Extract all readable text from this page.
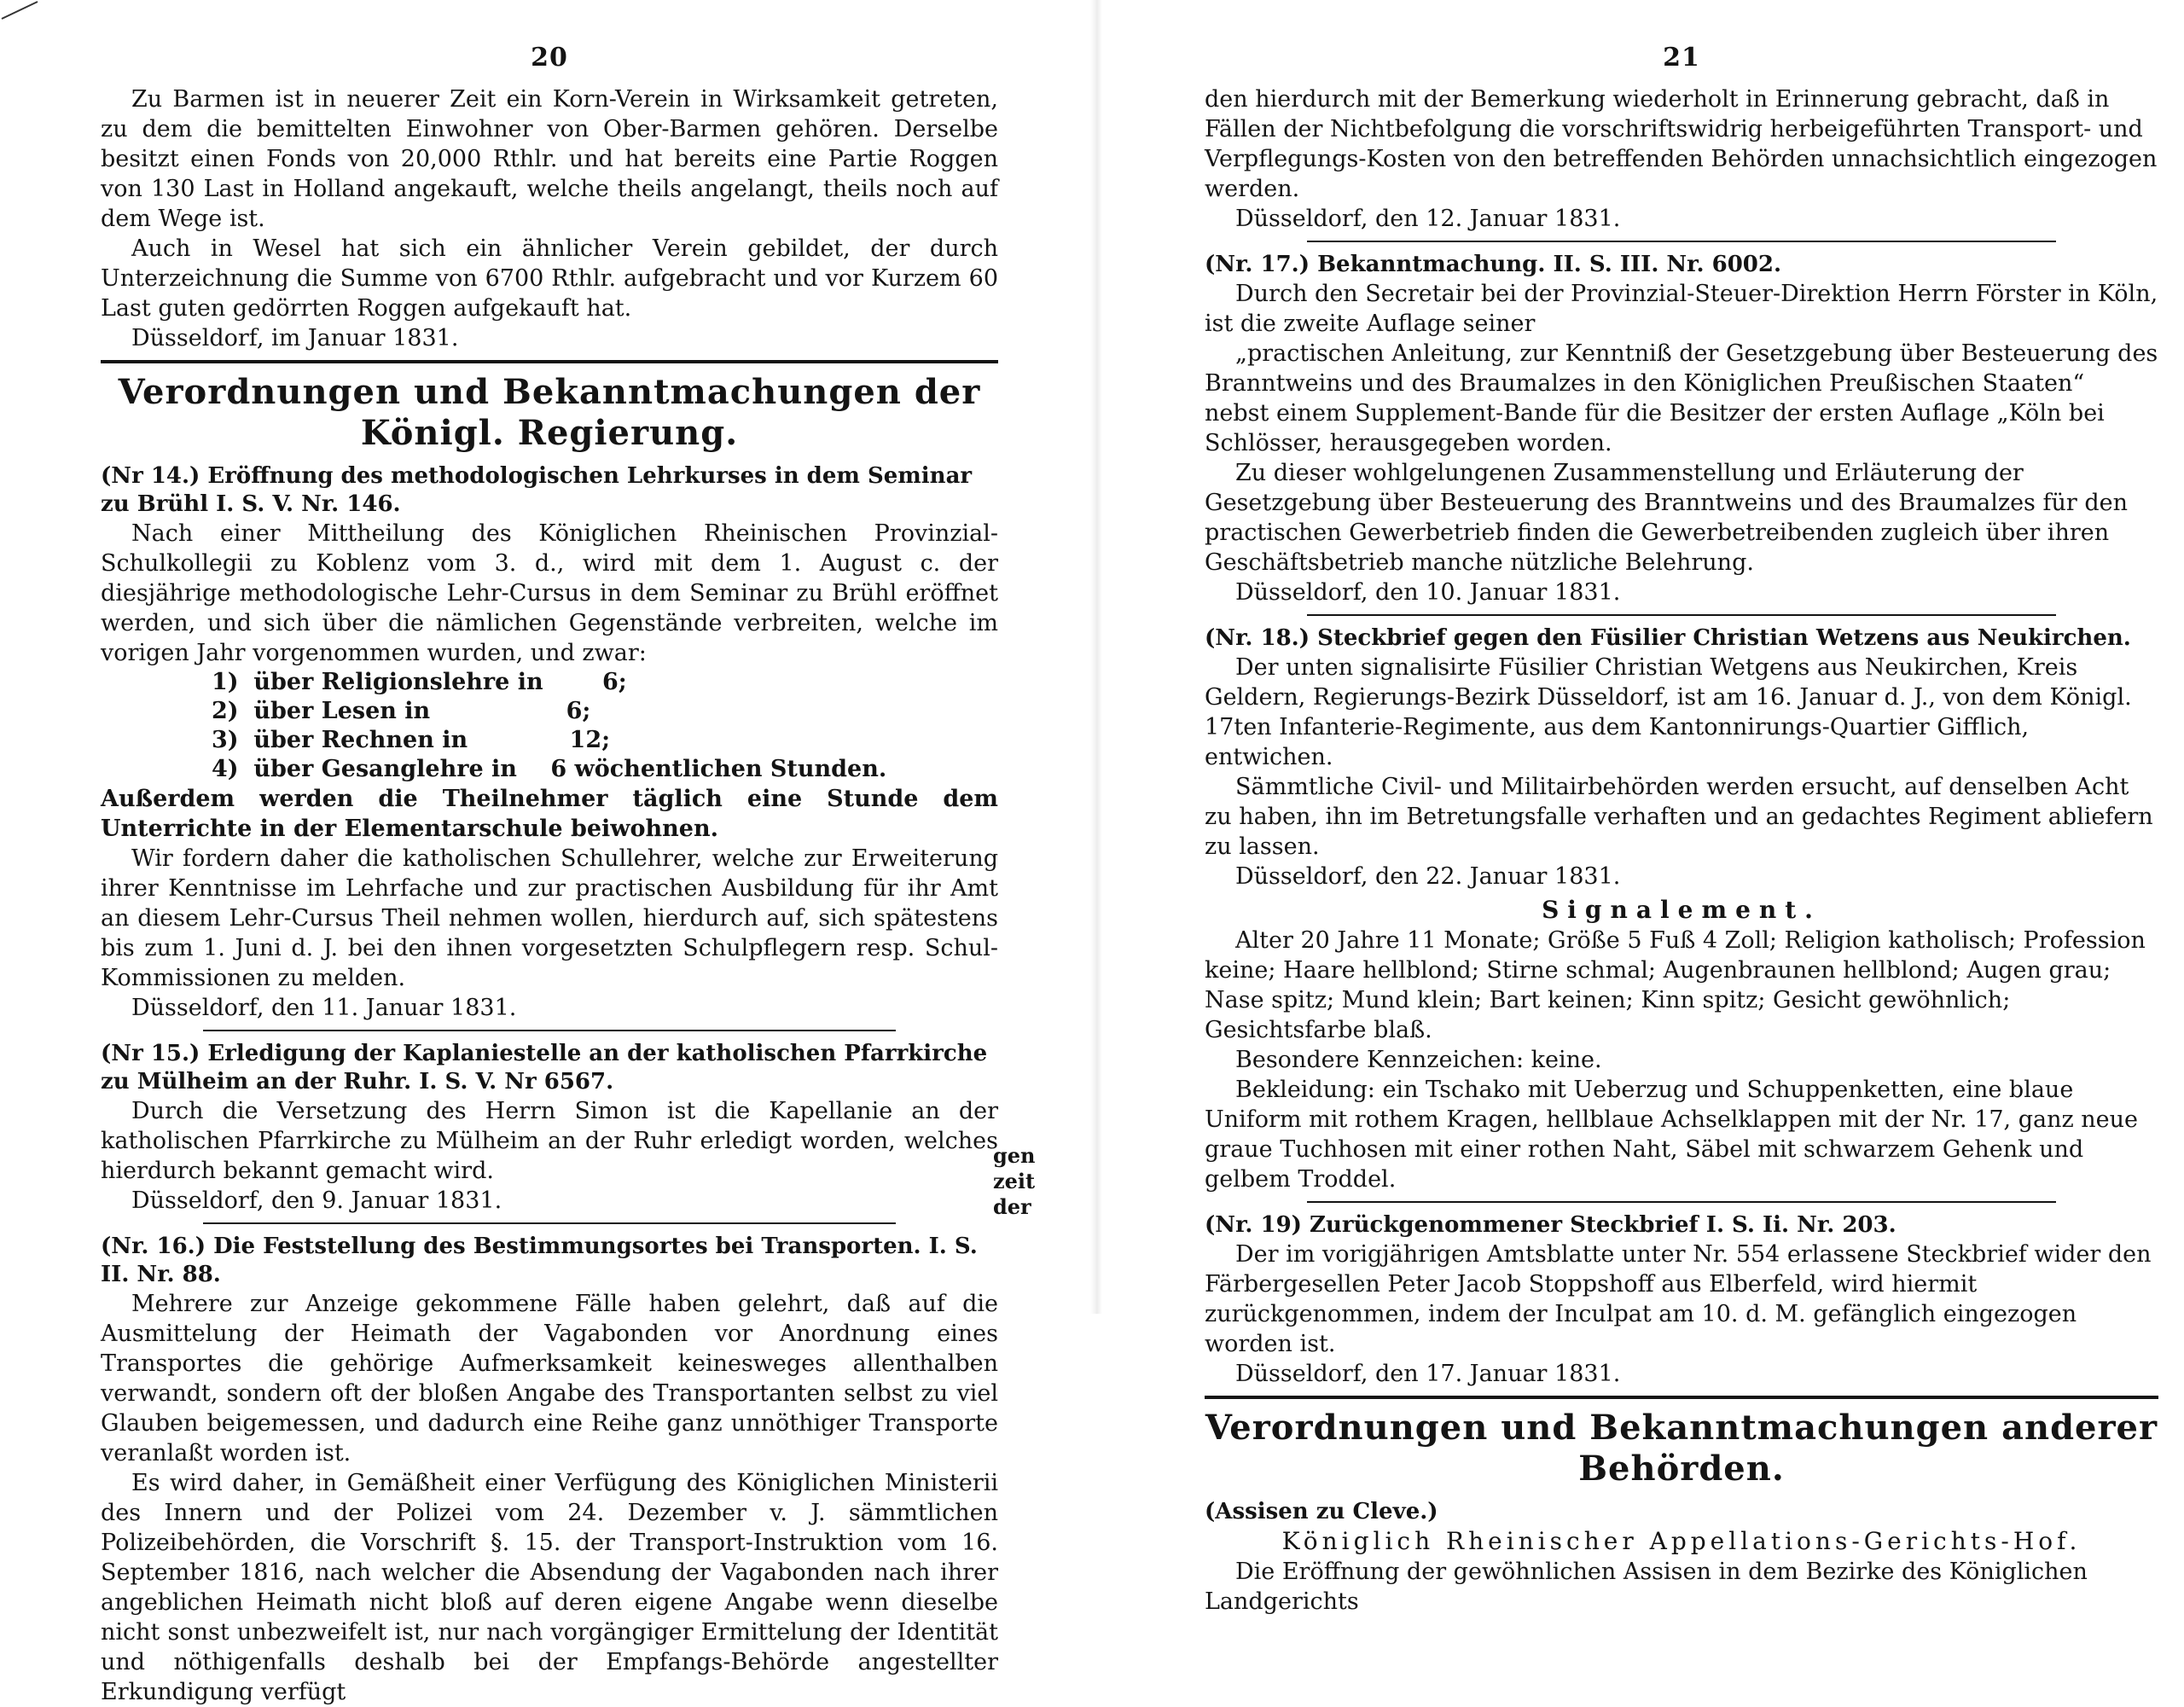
20

Zu Barmen ist in neuerer Zeit ein Korn-Verein in Wirksamkeit getreten, zu dem die bemittelten Einwohner von Ober-Barmen gehören. Derselbe besitzt einen Fonds von 20,000 Rthlr. und hat bereits eine Partie Roggen von 130 Last in Holland angekauft, welche theils angelangt, theils noch auf dem Wege ist.

Auch in Wesel hat sich ein ähnlicher Verein gebildet, der durch Unterzeichnung die Summe von 6700 Rthlr. aufgebracht und vor Kurzem 60 Last guten gedörrten Roggen aufgekauft hat.

Düsseldorf, im Januar 1831.

Verordnungen und Bekanntmachungen der Königl. Regierung.
(Nr 14.) Eröffnung des methodologischen Lehrkurses in dem Seminar zu Brühl I. S. V. Nr. 146.

Nach einer Mittheilung des Königlichen Rheinischen Provinzial-Schulkollegii zu Koblenz vom 3. d., wird mit dem 1. August c. der diesjährige methodologische Lehr-Cursus in dem Seminar zu Brühl eröffnet werden, und sich über die nämlichen Gegenstände verbreiten, welche im vorigen Jahr vorgenommen wurden, und zwar:

1) über Religionslehre in	6;
2) über Lesen in	6;
3) über Rechnen in	12;
4) über Gesanglehre in 6 wöchentlichen Stunden.

Außerdem werden die Theilnehmer täglich eine Stunde dem Unterrichte in der Elementarschule beiwohnen.

Wir fordern daher die katholischen Schullehrer, welche zur Erweiterung ihrer Kenntnisse im Lehrfache und zur practischen Ausbildung für ihr Amt an diesem Lehr-Cursus Theil nehmen wollen, hierdurch auf, sich spätestens bis zum 1. Juni d. J. bei den ihnen vorgesetzten Schulpflegern resp. Schul-Kommissionen zu melden.

Düsseldorf, den 11. Januar 1831.

(Nr 15.) Erledigung der Kaplaniestelle an der katholischen Pfarrkirche zu Mülheim an der Ruhr. I. S. V. Nr 6567.

Durch die Versetzung des Herrn Simon ist die Kapellanie an der katholischen Pfarrkirche zu Mülheim an der Ruhr erledigt worden, welches hierdurch bekannt gemacht wird.

Düsseldorf, den 9. Januar 1831.

(Nr. 16.) Die Feststellung des Bestimmungsortes bei Transporten. I. S. II. Nr. 88.

Mehrere zur Anzeige gekommene Fälle haben gelehrt, daß auf die Ausmittelung der Heimath der Vagabonden vor Anordnung eines Transportes die gehörige Aufmerksamkeit keinesweges allenthalben verwandt, sondern oft der bloßen Angabe des Transportanten selbst zu viel Glauben beigemessen, und dadurch eine Reihe ganz unnöthiger Transporte veranlaßt worden ist.

Es wird daher, in Gemäßheit einer Verfügung des Königlichen Ministerii des Innern und der Polizei vom 24. Dezember v. J. sämmtlichen Polizeibehörden, die Vorschrift §. 15. der Transport-Instruktion vom 16. September 1816, nach welcher die Absendung der Vagabonden nach ihrer angeblichen Heimath nicht bloß auf deren eigene Angabe wenn dieselbe nicht sonst unbezweifelt ist, nur nach vorgängiger Ermittelung der Identität und nöthigenfalls deshalb bei der Empfangs-Behörde angestellter Erkundigung verfügt

gen zeit der
21

den hierdurch mit der Bemerkung wiederholt in Erinnerung gebracht, daß in Fällen der Nichtbefolgung die vorschriftswidrig herbeigeführten Transport- und Verpflegungs-Kosten von den betreffenden Behörden unnachsichtlich eingezogen werden.

Düsseldorf, den 12. Januar 1831.

(Nr. 17.) Bekanntmachung. II. S. III. Nr. 6002.

Durch den Secretair bei der Provinzial-Steuer-Direktion Herrn Förster in Köln, ist die zweite Auflage seiner

„practischen Anleitung, zur Kenntniß der Gesetzgebung über Besteuerung des Branntweins und des Braumalzes in den Königlichen Preußischen Staaten“

nebst einem Supplement-Bande für die Besitzer der ersten Auflage „Köln bei Schlösser, herausgegeben worden.

Zu dieser wohlgelungenen Zusammenstellung und Erläuterung der Gesetzgebung über Besteuerung des Branntweins und des Braumalzes für den practischen Gewerbetrieb finden die Gewerbetreibenden zugleich über ihren Geschäftsbetrieb manche nützliche Belehrung.

Düsseldorf, den 10. Januar 1831.

(Nr. 18.) Steckbrief gegen den Füsilier Christian Wetzens aus Neukirchen.

Der unten signalisirte Füsilier Christian Wetgens aus Neukirchen, Kreis Geldern, Regierungs-Bezirk Düsseldorf, ist am 16. Januar d. J., von dem Königl. 17ten Infanterie-Regimente, aus dem Kantonnirungs-Quartier Gifflich, entwichen.

Sämmtliche Civil- und Militairbehörden werden ersucht, auf denselben Acht zu haben, ihn im Betretungsfalle verhaften und an gedachtes Regiment abliefern zu lassen.

Düsseldorf, den 22. Januar 1831.

Signalement.

Alter 20 Jahre 11 Monate; Größe 5 Fuß 4 Zoll; Religion katholisch; Profession keine; Haare hellblond; Stirne schmal; Augenbraunen hellblond; Augen grau; Nase spitz; Mund klein; Bart keinen; Kinn spitz; Gesicht gewöhnlich; Gesichtsfarbe blaß.

Besondere Kennzeichen: keine.

Bekleidung: ein Tschako mit Ueberzug und Schuppenketten, eine blaue Uniform mit rothem Kragen, hellblaue Achselklappen mit der Nr. 17, ganz neue graue Tuchhosen mit einer rothen Naht, Säbel mit schwarzem Gehenk und gelbem Troddel.

(Nr. 19) Zurückgenommener Steckbrief I. S. Ii. Nr. 203.

Der im vorigjährigen Amtsblatte unter Nr. 554 erlassene Steckbrief wider den Färbergesellen Peter Jacob Stoppshoff aus Elberfeld, wird hiermit zurückgenommen, indem der Inculpat am 10. d. M. gefänglich eingezogen worden ist.

Düsseldorf, den 17. Januar 1831.

Verordnungen und Bekanntmachungen anderer Behörden.
(Assisen zu Cleve.)
Königlich Rheinischer Appellations-Gerichts-Hof.

Die Eröffnung der gewöhnlichen Assisen in dem Bezirke des Königlichen Landgerichts
